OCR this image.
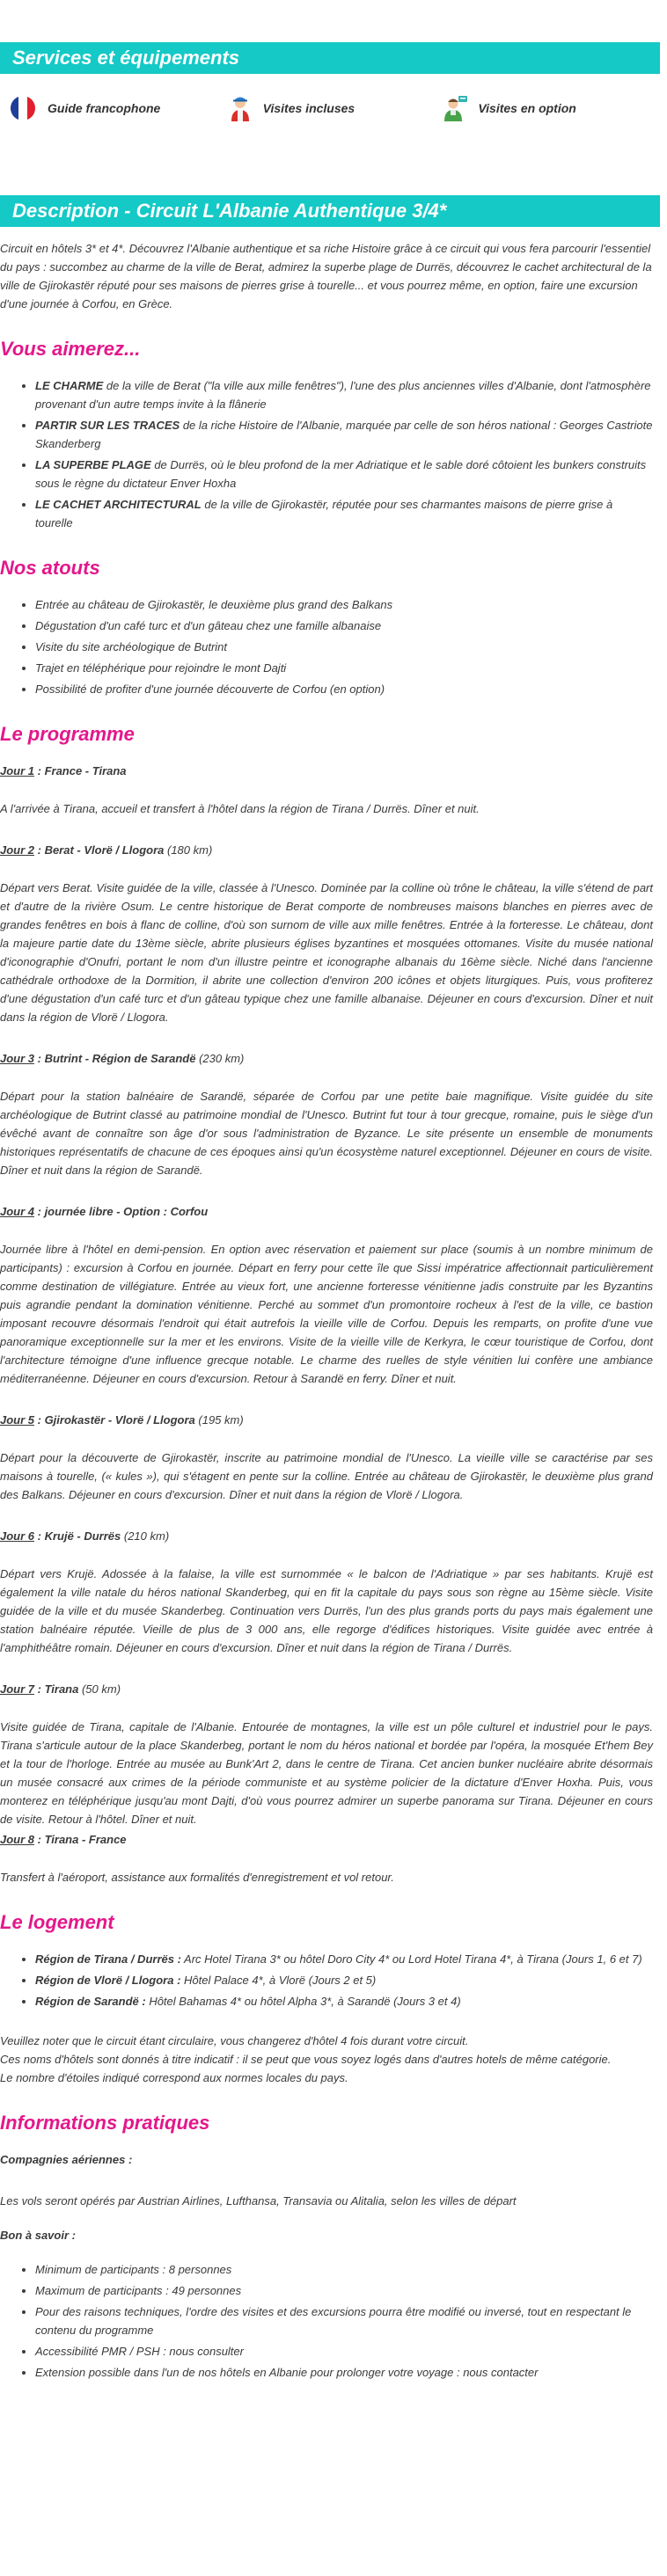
Services et équipements
Guide francophone	Visites incluses	Visites en option
Description - Circuit L'Albanie Authentique 3/4*

Circuit en hôtels 3* et 4*. Découvrez l'Albanie authentique et sa riche Histoire grâce à ce circuit qui vous fera parcourir l'essentiel du pays : succombez au charme de la ville de Berat, admirez la superbe plage de Durrës, découvrez le cachet architectural de la ville de Gjirokastër réputé pour ses maisons de pierres grise à tourelle... et vous pourrez même, en option, faire une excursion d'une journée à Corfou, en Grèce.

Vous aimerez...
• LE CHARME de la ville de Berat ("la ville aux mille fenêtres"), l'une des plus anciennes villes d'Albanie, dont l'atmosphère provenant d'un autre temps invite à la flânerie
• PARTIR SUR LES TRACES de la riche Histoire de l'Albanie, marquée par celle de son héros national : Georges Castriote Skanderberg
• LA SUPERBE PLAGE de Durrës, où le bleu profond de la mer Adriatique et le sable doré côtoient les bunkers construits sous le règne du dictateur Enver Hoxha
• LE CACHET ARCHITECTURAL de la ville de Gjirokastër, réputée pour ses charmantes maisons de pierre grise à tourelle
Nos atouts
• Entrée au château de Gjirokastër, le deuxième plus grand des Balkans
• Dégustation d'un café turc et d'un gâteau chez une famille albanaise
• Visite du site archéologique de Butrint
• Trajet en téléphérique pour rejoindre le mont Dajti
• Possibilité de profiter d'une journée découverte de Corfou (en option)
Le programme

Jour 1 : France - Tirana

A l'arrivée à Tirana, accueil et transfert à l'hôtel dans la région de Tirana / Durrës. Dîner et nuit.

Jour 2 : Berat - Vlorë / Llogora (180 km)

Départ vers Berat. Visite guidée de la ville, classée à l'Unesco. Dominée par la colline où trône le château, la ville s'étend de part et d'autre de la rivière Osum. Le centre historique de Berat comporte de nombreuses maisons blanches en pierres avec de grandes fenêtres en bois à flanc de colline, d'où son surnom de ville aux mille fenêtres. Entrée à la forteresse. Le château, dont la majeure partie date du 13ème siècle, abrite plusieurs églises byzantines et mosquées ottomanes. Visite du musée national d'iconographie d'Onufri, portant le nom d'un illustre peintre et iconographe albanais du 16ème siècle. Niché dans l'ancienne cathédrale orthodoxe de la Dormition, il abrite une collection d'environ 200 icônes et objets liturgiques. Puis, vous profiterez d'une dégustation d'un café turc et d'un gâteau typique chez une famille albanaise. Déjeuner en cours d'excursion. Dîner et nuit dans la région de Vlorë / Llogora.

Jour 3 : Butrint - Région de Sarandë (230 km)

Départ pour la station balnéaire de Sarandë, séparée de Corfou par une petite baie magnifique. Visite guidée du site archéologique de Butrint classé au patrimoine mondial de l'Unesco. Butrint fut tour à tour grecque, romaine, puis le siège d'un évêché avant de connaître son âge d'or sous l'administration de Byzance. Le site présente un ensemble de monuments historiques représentatifs de chacune de ces époques ainsi qu'un écosystème naturel exceptionnel. Déjeuner en cours de visite. Dîner et nuit dans la région de Sarandë.

Jour 4 : journée libre - Option : Corfou

Journée libre à l'hôtel en demi-pension. En option avec réservation et paiement sur place (soumis à un nombre minimum de participants) : excursion à Corfou en journée. Départ en ferry pour cette île que Sissi impératrice affectionnait particulièrement comme destination de villégiature. Entrée au vieux fort, une ancienne forteresse vénitienne jadis construite par les Byzantins puis agrandie pendant la domination vénitienne. Perché au sommet d'un promontoire rocheux à l'est de la ville, ce bastion imposant recouvre désormais l'endroit qui était autrefois la vieille ville de Corfou. Depuis les remparts, on profite d'une vue panoramique exceptionnelle sur la mer et les environs. Visite de la vieille ville de Kerkyra, le cœur touristique de Corfou, dont l'architecture témoigne d'une influence grecque notable. Le charme des ruelles de style vénitien lui confère une ambiance méditerranéenne. Déjeuner en cours d'excursion. Retour à Sarandë en ferry. Dîner et nuit.

Jour 5 : Gjirokastër - Vlorë / Llogora (195 km)

Départ pour la découverte de Gjirokastër, inscrite au patrimoine mondial de l'Unesco. La vieille ville se caractérise par ses maisons à tourelle, (« kules »), qui s'étagent en pente sur la colline. Entrée au château de Gjirokastër, le deuxième plus grand des Balkans. Déjeuner en cours d'excursion. Dîner et nuit dans la région de Vlorë / Llogora.

Jour 6 : Krujë - Durrës (210 km)

Départ vers Krujë. Adossée à la falaise, la ville est surnommée « le balcon de l'Adriatique » par ses habitants. Krujë est également la ville natale du héros national Skanderbeg, qui en fit la capitale du pays sous son règne au 15ème siècle. Visite guidée de la ville et du musée Skanderbeg. Continuation vers Durrës, l'un des plus grands ports du pays mais également une station balnéaire réputée. Vieille de plus de 3 000 ans, elle regorge d'édifices historiques. Visite guidée avec entrée à l'amphithéâtre romain. Déjeuner en cours d'excursion. Dîner et nuit dans la région de Tirana / Durrës.

Jour 7 : Tirana (50 km)

Visite guidée de Tirana, capitale de l'Albanie. Entourée de montagnes, la ville est un pôle culturel et industriel pour le pays. Tirana s'articule autour de la place Skanderbeg, portant le nom du héros national et bordée par l'opéra, la mosquée Et'hem Bey et la tour de l'horloge. Entrée au musée au Bunk'Art 2, dans le centre de Tirana. Cet ancien bunker nucléaire abrite désormais un musée consacré aux crimes de la période communiste et au système policier de la dictature d'Enver Hoxha. Puis, vous monterez en téléphérique jusqu'au mont Dajti, d'où vous pourrez admirer un superbe panorama sur Tirana. Déjeuner en cours de visite. Retour à l'hôtel. Dîner et nuit.

Jour 8 : Tirana - France

Transfert à l'aéroport, assistance aux formalités d'enregistrement et vol retour.

Le logement
• Région de Tirana / Durrës : Arc Hotel Tirana 3* ou hôtel Doro City 4* ou Lord Hotel Tirana 4*, à Tirana (Jours 1, 6 et 7)
• Région de Vlorë / Llogora : Hôtel Palace 4*, à Vlorë (Jours 2 et 5)
• Région de Sarandë : Hôtel Bahamas 4* ou hôtel Alpha 3*, à Sarandë (Jours 3 et 4)
Veuillez noter que le circuit étant circulaire, vous changerez d'hôtel 4 fois durant votre circuit.
Ces noms d'hôtels sont donnés à titre indicatif : il se peut que vous soyez logés dans d'autres hotels de même catégorie.
Le nombre d'étoiles indiqué correspond aux normes locales du pays.
Informations pratiques

Compagnies aériennes :

Les vols seront opérés par Austrian Airlines, Lufthansa, Transavia ou Alitalia, selon les villes de départ

Bon à savoir :

• Minimum de participants : 8 personnes
• Maximum de participants : 49 personnes
• Pour des raisons techniques, l'ordre des visites et des excursions pourra être modifié ou inversé, tout en respectant le contenu du programme
• Accessibilité PMR / PSH : nous consulter
• Extension possible dans l'un de nos hôtels en Albanie pour prolonger votre voyage : nous contacter
